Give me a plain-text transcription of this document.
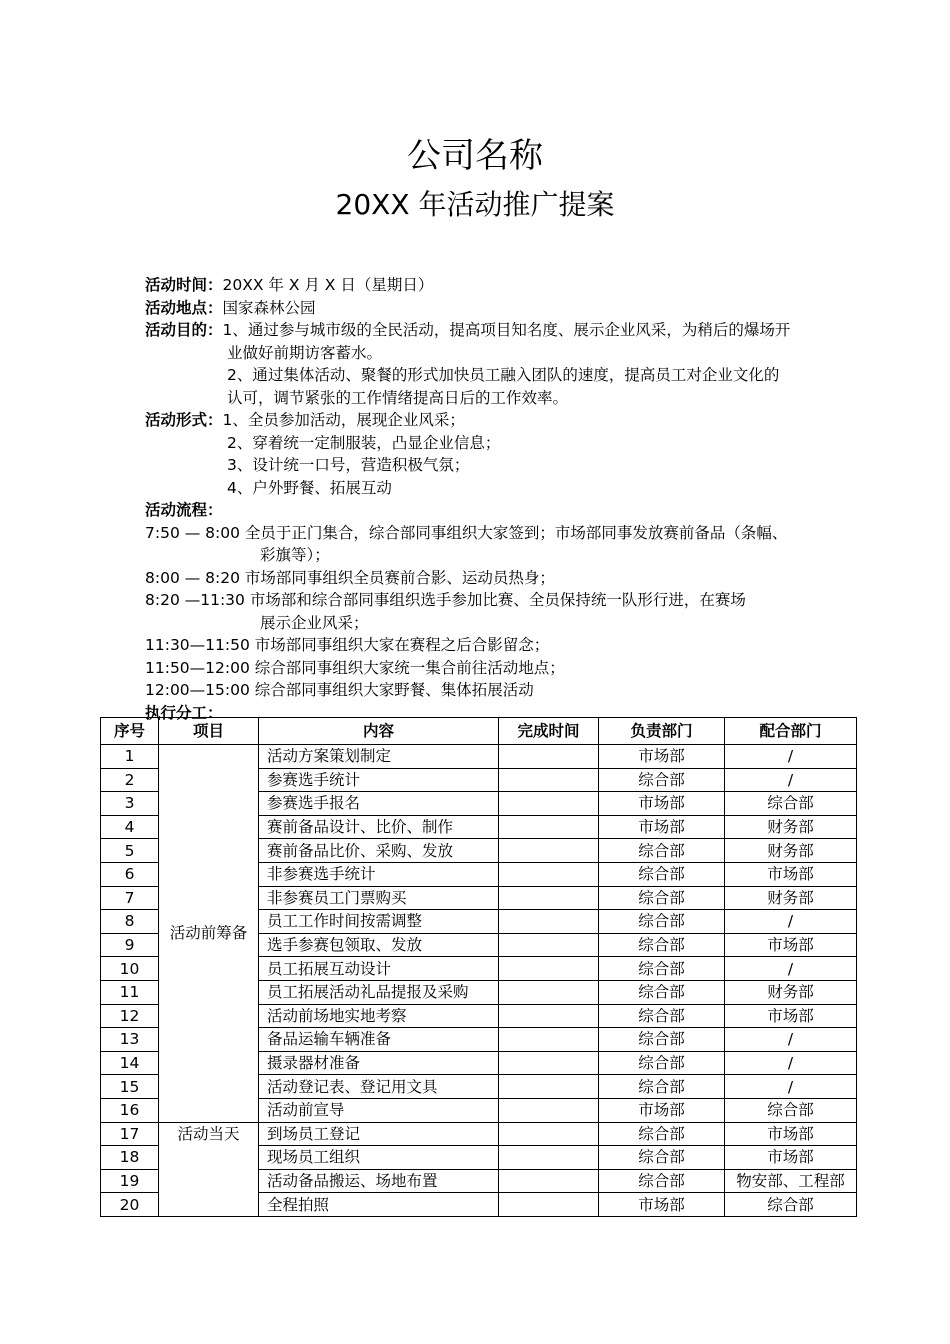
公司名称
20XX 年活动推广提案
活动时间： 20XX 年 X 月 X 日（星期日）
活动地点： 国家森林公园
活动目的： 1、通过参与城市级的全民活动，提高项目知名度、展示企业风采，为稍后的爆场开
业做好前期访客蓄水。
2、通过集体活动、聚餐的形式加快员工融入团队的速度，提高员工对企业文化的
认可，调节紧张的工作情绪提高日后的工作效率。
活动形式： 1、全员参加活动，展现企业风采；
2、穿着统一定制服装，凸显企业信息；
3、设计统一口号，营造积极气氛；
4、户外野餐、拓展互动
活动流程：
7:50 — 8:00 全员于正门集合，综合部同事组织大家签到；市场部同事发放赛前备品（条幅、
彩旗等）；
8:00 — 8:20 市场部同事组织全员赛前合影、运动员热身；
8:20 —11:30 市场部和综合部同事组织选手参加比赛、全员保持统一队形行进，在赛场
展示企业风采；
11:30—11:50 市场部同事组织大家在赛程之后合影留念；
11:50—12:00 综合部同事组织大家统一集合前往活动地点；
12:00—15:00 综合部同事组织大家野餐、集体拓展活动
执行分工：
序号	项目	内容	完成时间	负责部门	配合部门
1	活动前筹备	活动方案策划制定		市场部	/
2		参赛选手统计		综合部	/
3		参赛选手报名		市场部	综合部
4		赛前备品设计、比价、制作		市场部	财务部
5		赛前备品比价、采购、发放		综合部	财务部
6		非参赛选手统计		综合部	市场部
7		非参赛员工门票购买		综合部	财务部
8		员工工作时间按需调整		综合部	/
9		选手参赛包领取、发放		综合部	市场部
10		员工拓展互动设计		综合部	/
11		员工拓展活动礼品提报及采购		综合部	财务部
12		活动前场地实地考察		综合部	市场部
13		备品运输车辆准备		综合部	/
14		摄录器材准备		综合部	/
15		活动登记表、登记用文具		综合部	/
16		活动前宣导		市场部	综合部
17	活动当天	到场员工登记		综合部	市场部
18		现场员工组织		综合部	市场部
19		活动备品搬运、场地布置		综合部	物安部、工程部
20		全程拍照		市场部	综合部
